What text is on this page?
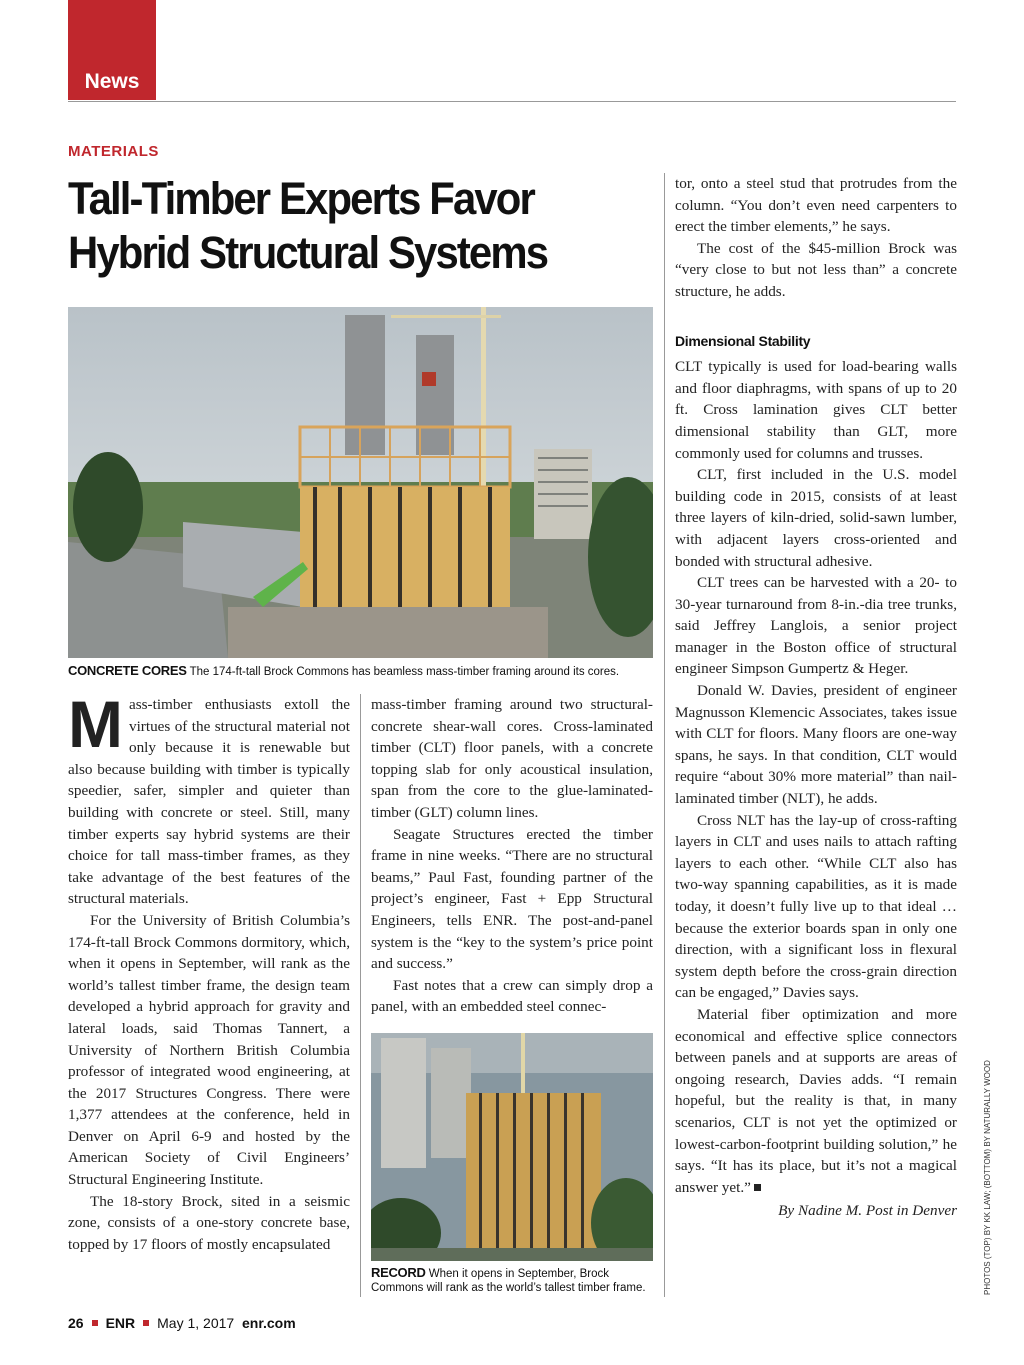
News
MATERIALS
Tall-Timber Experts Favor Hybrid Structural Systems
CONCRETE CORES The 174-ft-tall Brock Commons has beamless mass-timber framing around its cores.

Mass-timber enthusiasts extoll the virtues of the structural material not only because it is renewable but also because building with timber is typically speedier, safer, simpler and quieter than building with concrete or steel. Still, many timber experts say hybrid systems are their choice for tall mass-timber frames, as they take advantage of the best features of the structural materials.

For the University of British Columbia’s 174-ft-tall Brock Commons dormitory, which, when it opens in September, will rank as the world’s tallest timber frame, the design team developed a hybrid approach for gravity and lateral loads, said Thomas Tannert, a University of Northern British Columbia professor of integrated wood engineering, at the 2017 Structures Congress. There were 1,377 attendees at the conference, held in Denver on April 6-9 and hosted by the American Society of Civil Engineers’ Structural Engineering Institute.

The 18-story Brock, sited in a seismic zone, consists of a one-story concrete base, topped by 17 floors of mostly encapsulated

mass-timber framing around two structural-concrete shear-wall cores. Cross-laminated timber (CLT) floor panels, with a concrete topping slab for only acoustical insulation, span from the core to the glue-laminated-timber (GLT) column lines.

Seagate Structures erected the timber frame in nine weeks. “There are no structural beams,” Paul Fast, founding partner of the project’s engineer, Fast + Epp Structural Engineers, tells ENR. The post-and-panel system is the “key to the system’s price point and success.”

Fast notes that a crew can simply drop a panel, with an embedded steel connec-

RECORD When it opens in September, Brock Commons will rank as the world’s tallest timber frame.

tor, onto a steel stud that protrudes from the column. “You don’t even need carpenters to erect the timber elements,” he says.

The cost of the $45-million Brock was “very close to but not less than” a concrete structure, he adds.

Dimensional Stability

CLT typically is used for load-bearing walls and floor diaphragms, with spans of up to 20 ft. Cross lamination gives CLT better dimensional stability than GLT, more commonly used for columns and trusses.

CLT, first included in the U.S. model building code in 2015, consists of at least three layers of kiln-dried, solid-sawn lumber, with adjacent layers cross-oriented and bonded with structural adhesive.

CLT trees can be harvested with a 20- to 30-year turnaround from 8-in.-dia tree trunks, said Jeffrey Langlois, a senior project manager in the Boston office of structural engineer Simpson Gumpertz & Heger.

Donald W. Davies, president of engineer Magnusson Klemencic Associates, takes issue with CLT for floors. Many floors are one-way spans, he says. In that condition, CLT would require “about 30% more material” than nail-laminated timber (NLT), he adds.

Cross NLT has the lay-up of cross-rafting layers in CLT and uses nails to attach rafting layers to each other. “While CLT also has two-way spanning capabilities, as it is made today, it doesn’t fully live up to that ideal … because the exterior boards span in only one direction, with a significant loss in flexural system depth before the cross-grain direction can be engaged,” Davies says.

Material fiber optimization and more economical and effective splice connectors between panels and at supports are areas of ongoing research, Davies adds. “I remain hopeful, but the reality is that, in many scenarios, CLT is not yet the optimized or lowest-carbon-footprint building solution,” he says. “It has its place, but it’s not a magical answer yet.”

By Nadine M. Post in Denver
26 ENR May 1, 2017 enr.com
PHOTOS (TOP) BY KK LAW; (BOTTOM) BY NATURALLY WOOD
